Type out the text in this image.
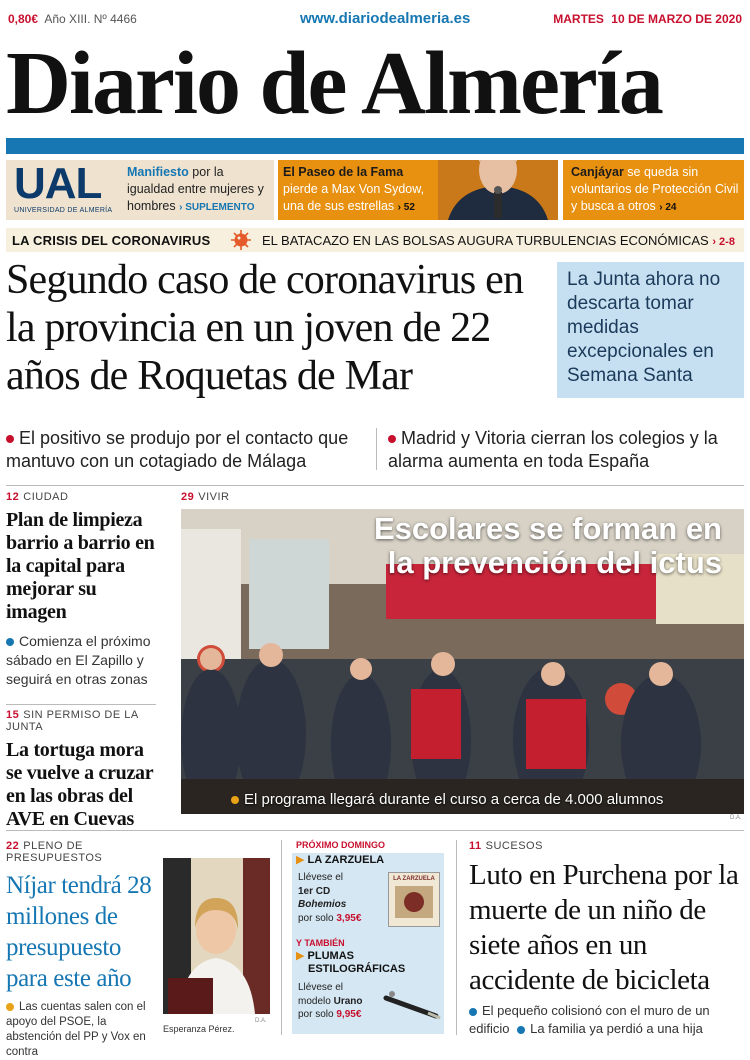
0,80€ Año XIII. Nº 4466	www.diariodealmeria.es	MARTES 10 DE MARZO DE 2020
Diario de Almería
UAL
UNIVERSIDAD DE ALMERÍA
Manifiesto por la igualdad entre mujeres y hombres › SUPLEMENTO
El Paseo de la Fama
pierde a Max Von Sydow, una de sus estrellas › 52
Canjáyar se queda sin voluntarios de Protección Civil y busca a otros › 24
LA CRISIS DEL CORONAVIRUS	EL BATACAZO EN LAS BOLSAS AUGURA TURBULENCIAS ECONÓMICAS › 2-8
Segundo caso de coronavirus en la provincia en un joven de 22 años de Roquetas de Mar
La Junta ahora no descarta tomar medidas excepcionales en Semana Santa
El positivo se produjo por el contacto que mantuvo con un cotagiado de Málaga
Madrid y Vitoria cierran los colegios y la alarma aumenta en toda España
12 CIUDAD
Plan de limpieza barrio a barrio en la capital para mejorar su imagen
Comienza el próximo sábado en El Zapillo y seguirá en otras zonas
15 SIN PERMISO DE LA JUNTA
La tortuga mora se vuelve a cruzar en las obras del AVE en Cuevas
29 VIVIR
Escolares se forman en
la prevención del ictus
El programa llegará durante el curso a cerca de 4.000 alumnos
D.A.
22 PLENO DE PRESUPUESTOS
Níjar tendrá 28 millones de presupuesto para este año
Las cuentas salen con el apoyo del PSOE, la abstención del PP y Vox en contra
Esperanza Pérez.
D.A.
PRÓXIMO DOMINGO
▶ LA ZARZUELA
Llévese el
1er CD
Bohemios
por solo 3,95€
LA ZARZUELA
Y TAMBIÉN
▶ PLUMAS
ESTILOGRÁFICAS
Llévese el
modelo Urano
por solo 9,95€
11 SUCESOS
Luto en Purchena por la muerte de un niño de siete años en un accidente de bicicleta
El pequeño colisionó con el muro de un edificio La familia ya perdió a una hija
